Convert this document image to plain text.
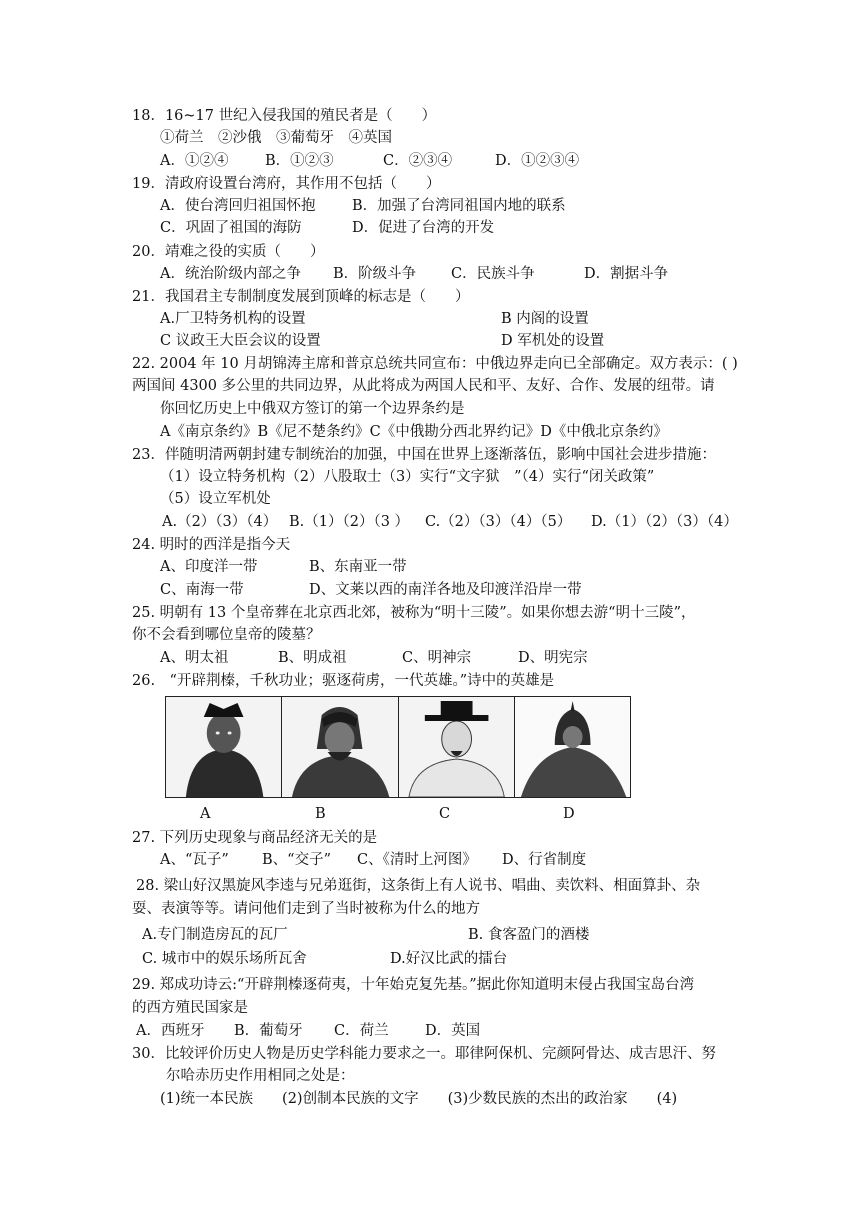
18．16~17 世纪入侵我国的殖民者是（　　）
①荷兰　②沙俄　③葡萄牙　④英国
A．①②④	B．①②③	C．②③④	D．①②③④
19．清政府设置台湾府，其作用不包括（　　）
A．使台湾回归祖国怀抱	B．加强了台湾同祖国内地的联系
C．巩固了祖国的海防	D．促进了台湾的开发
20．靖难之役的实质（　　）
A．统治阶级内部之争 B．阶级斗争 C．民族斗争	D．割据斗争
21．我国君主专制制度发展到顶峰的标志是（　　）
A.厂卫特务机构的设置	B 内阁的设置
C 议政王大臣会议的设置	D 军机处的设置
22. 2004 年 10 月胡锦涛主席和普京总统共同宣布：中俄边界走向已全部确定。双方表示：( )
两国间 4300 多公里的共同边界，从此将成为两国人民和平、友好、合作、发展的纽带。请
你回忆历史上中俄双方签订的第一个边界条约是
A《南京条约》B《尼不楚条约》C《中俄勘分西北界约记》D《中俄北京条约》
23．伴随明清两朝封建专制统治的加强，中国在世界上逐渐落伍，影响中国社会进步措施：
（1）设立特务机构（2）八股取士（3）实行“文字狱　”（4）实行“闭关政策”
（5）设立军机处
A.（2）（3）（4） B.（1）（2）（3 ） C.（2）（3）（4）（5） D.（1）（2）（3）（4）
24. 明时的西洋是指今天
A、印度洋一带	B、东南亚一带
C、南海一带	D、文莱以西的南洋各地及印渡洋沿岸一带
25. 明朝有 13 个皇帝葬在北京西北郊，被称为“明十三陵”。如果你想去游“明十三陵”，
你不会看到哪位皇帝的陵墓？
A、明太祖	B、明成祖	C、明神宗	D、明宪宗
26.　“开辟荆榛，千秋功业；驱逐荷虏，一代英雄。”诗中的英雄是
A	B	C	D
27. 下列历史现象与商品经济无关的是
A、“瓦子” B、“交子” C、《清时上河图》 D、行省制度
28. 梁山好汉黑旋风李逵与兄弟逛街，这条街上有人说书、唱曲、卖饮料、相面算卦、杂
耍、表演等等。请问他们走到了当时被称为什么的地方
A.专门制造房瓦的瓦厂	B. 食客盈门的酒楼
C. 城市中的娱乐场所瓦舍	D.好汉比武的擂台
29. 郑成功诗云:“开辟荆榛逐荷夷，十年始克复先基。”据此你知道明末侵占我国宝岛台湾
的西方殖民国家是
A．西班牙 B．葡萄牙 C．荷兰	D．英国
30．比较评价历史人物是历史学科能力要求之一。耶律阿保机、完颜阿骨达、成吉思汗、努
尔哈赤历史作用相同之处是：
(1)统一本民族　　(2)创制本民族的文字　　(3)少数民族的杰出的政治家　　(4)
